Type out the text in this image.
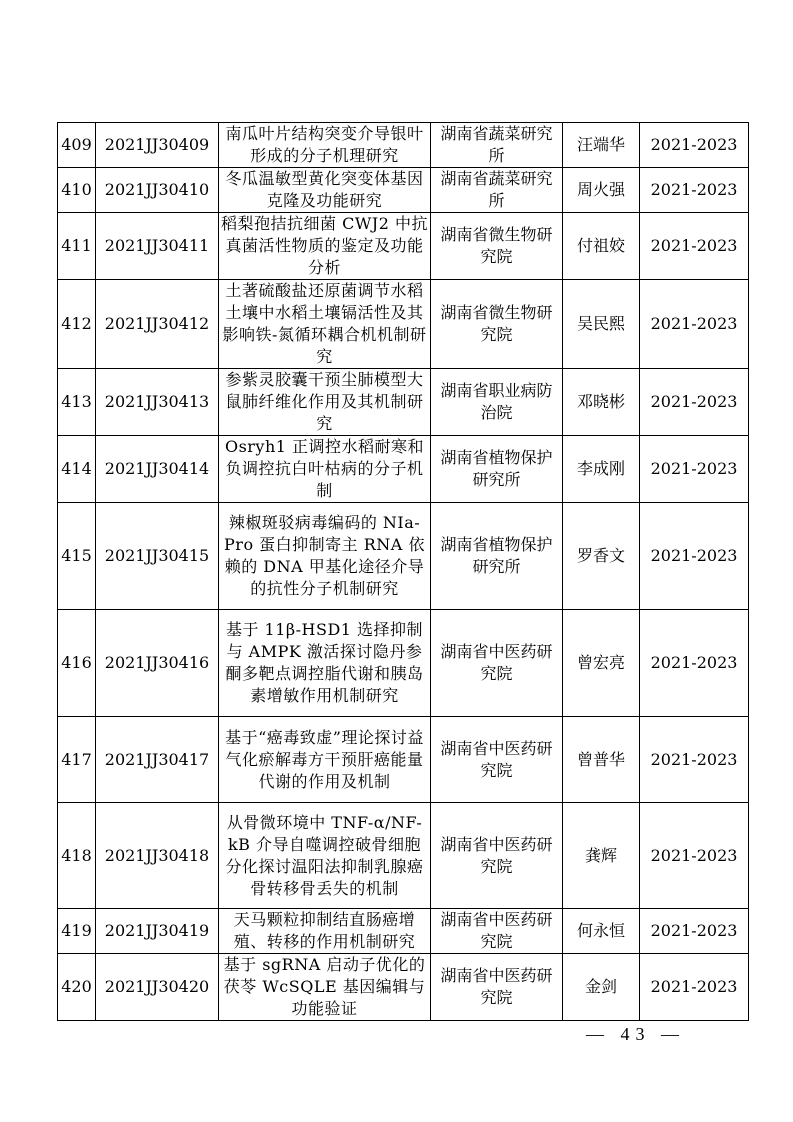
409	2021JJ30409	南瓜叶片结构突变介导银叶形成的分子机理研究	湖南省蔬菜研究所	汪端华	2021-2023
410	2021JJ30410	冬瓜温敏型黄化突变体基因克隆及功能研究	湖南省蔬菜研究所	周火强	2021-2023
411	2021JJ30411	稻梨孢拮抗细菌 CWJ2 中抗真菌活性物质的鉴定及功能分析	湖南省微生物研究院	付祖姣	2021-2023
412	2021JJ30412	土著硫酸盐还原菌调节水稻土壤中水稻土壤镉活性及其影响铁-氮循环耦合机机制研究	湖南省微生物研究院	吴民熙	2021-2023
413	2021JJ30413	参紫灵胶囊干预尘肺模型大鼠肺纤维化作用及其机制研究	湖南省职业病防治院	邓晓彬	2021-2023
414	2021JJ30414	Osryh1 正调控水稻耐寒和负调控抗白叶枯病的分子机制	湖南省植物保护研究所	李成刚	2021-2023
415	2021JJ30415	辣椒斑驳病毒编码的 NIa-Pro 蛋白抑制寄主 RNA 依赖的 DNA 甲基化途径介导的抗性分子机制研究	湖南省植物保护研究所	罗香文	2021-2023
416	2021JJ30416	基于 11β-HSD1 选择抑制与 AMPK 激活探讨隐丹参酮多靶点调控脂代谢和胰岛素增敏作用机制研究	湖南省中医药研究院	曾宏亮	2021-2023
417	2021JJ30417	基于“癌毒致虚”理论探讨益气化瘀解毒方干预肝癌能量代谢的作用及机制	湖南省中医药研究院	曾普华	2021-2023
418	2021JJ30418	从骨微环境中 TNF-α/NF-kB 介导自噬调控破骨细胞分化探讨温阳法抑制乳腺癌骨转移骨丢失的机制	湖南省中医药研究院	龚辉	2021-2023
419	2021JJ30419	天马颗粒抑制结直肠癌增殖、转移的作用机制研究	湖南省中医药研究院	何永恒	2021-2023
420	2021JJ30420	基于 sgRNA 启动子优化的茯苓 WcSQLE 基因编辑与功能验证	湖南省中医药研究院	金剑	2021-2023
— 43 —
